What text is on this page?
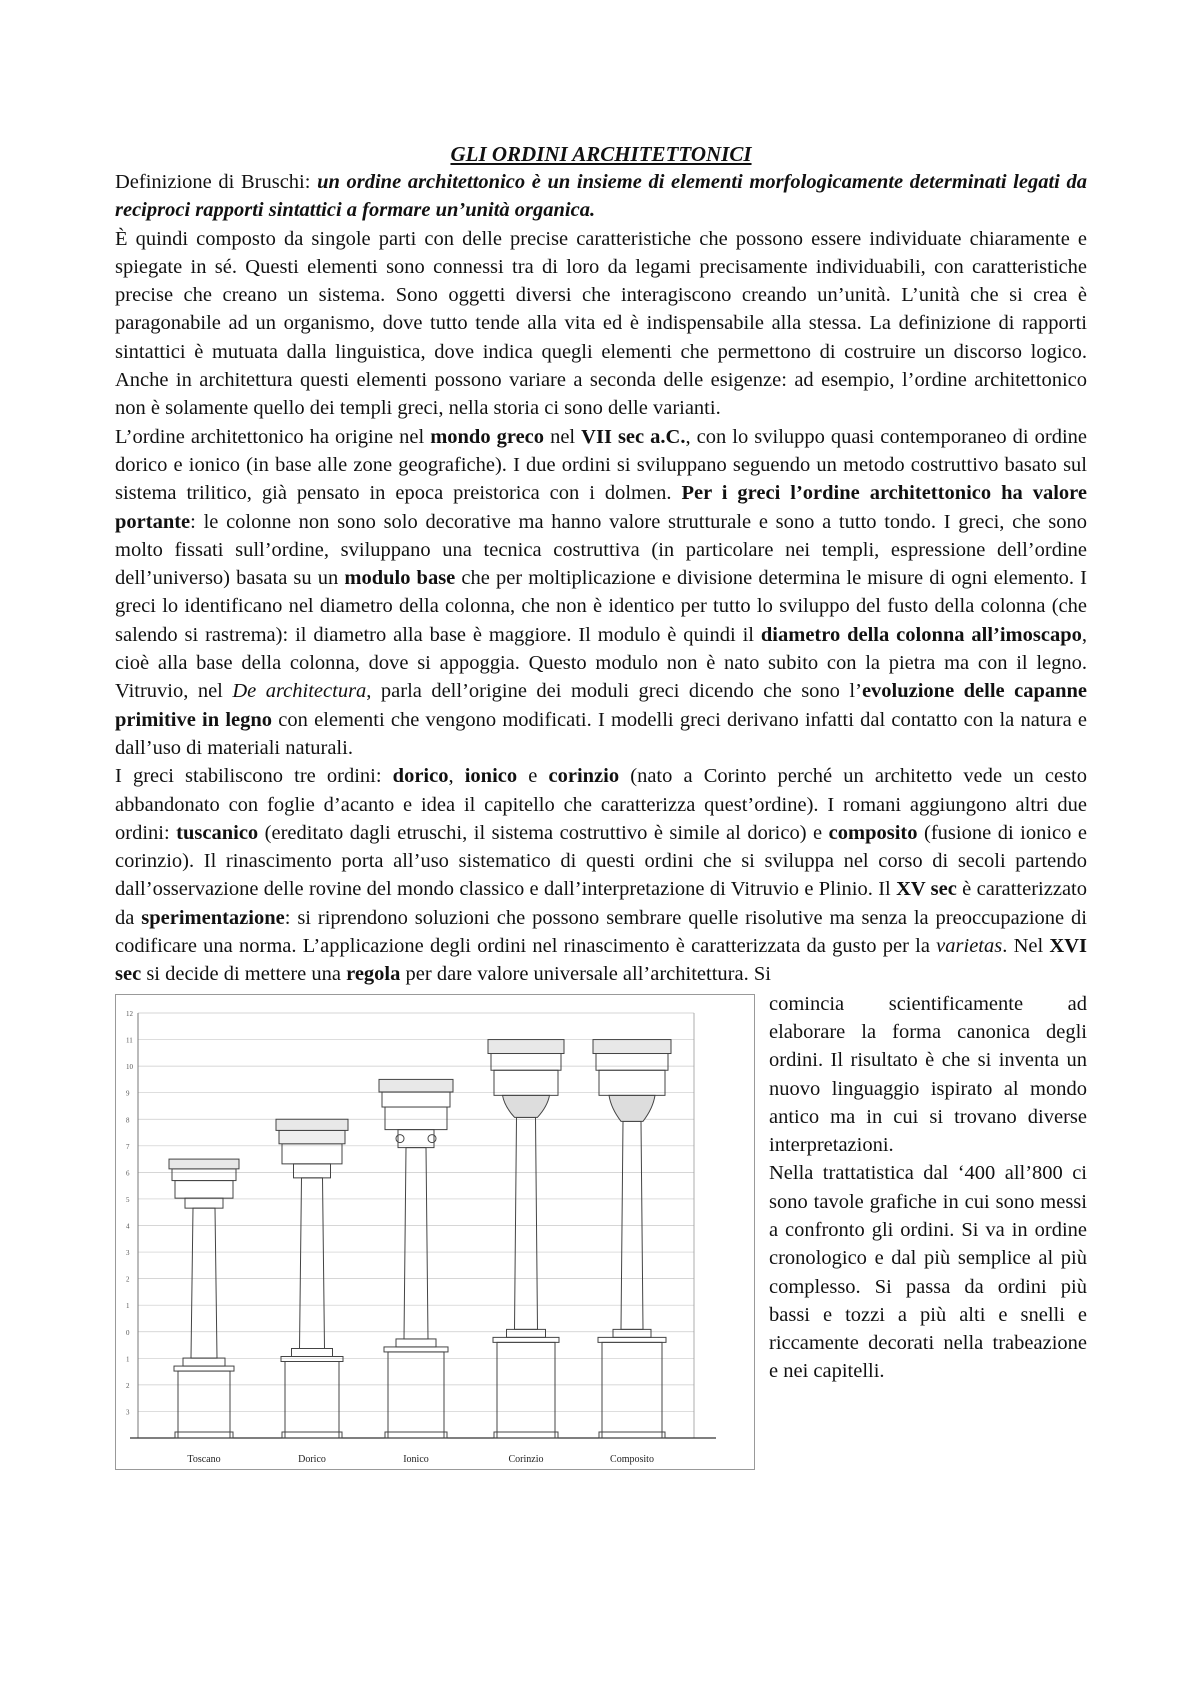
GLI ORDINI ARCHITETTONICI

Definizione di Bruschi: un ordine architettonico è un insieme di elementi morfologicamente determinati legati da reciproci rapporti sintattici a formare un’unità organica.

È quindi composto da singole parti con delle precise caratteristiche che possono essere individuate chiaramente e spiegate in sé. Questi elementi sono connessi tra di loro da legami precisamente individuabili, con caratteristiche precise che creano un sistema. Sono oggetti diversi che interagiscono creando un’unità. L’unità che si crea è paragonabile ad un organismo, dove tutto tende alla vita ed è indispensabile alla stessa. La definizione di rapporti sintattici è mutuata dalla linguistica, dove indica quegli elementi che permettono di costruire un discorso logico. Anche in architettura questi elementi possono variare a seconda delle esigenze: ad esempio, l’ordine architettonico non è solamente quello dei templi greci, nella storia ci sono delle varianti.

L’ordine architettonico ha origine nel mondo greco nel VII sec a.C., con lo sviluppo quasi contemporaneo di ordine dorico e ionico (in base alle zone geografiche). I due ordini si sviluppano seguendo un metodo costruttivo basato sul sistema trilitico, già pensato in epoca preistorica con i dolmen. Per i greci l’ordine architettonico ha valore portante: le colonne non sono solo decorative ma hanno valore strutturale e sono a tutto tondo. I greci, che sono molto fissati sull’ordine, sviluppano una tecnica costruttiva (in particolare nei templi, espressione dell’ordine dell’universo) basata su un modulo base che per moltiplicazione e divisione determina le misure di ogni elemento. I greci lo identificano nel diametro della colonna, che non è identico per tutto lo sviluppo del fusto della colonna (che salendo si rastrema): il diametro alla base è maggiore. Il modulo è quindi il diametro della colonna all’imoscapo, cioè alla base della colonna, dove si appoggia. Questo modulo non è nato subito con la pietra ma con il legno. Vitruvio, nel De architectura, parla dell’origine dei moduli greci dicendo che sono l’evoluzione delle capanne primitive in legno con elementi che vengono modificati. I modelli greci derivano infatti dal contatto con la natura e dall’uso di materiali naturali.

I greci stabiliscono tre ordini: dorico, ionico e corinzio (nato a Corinto perché un architetto vede un cesto abbandonato con foglie d’acanto e idea il capitello che caratterizza quest’ordine). I romani aggiungono altri due ordini: tuscanico (ereditato dagli etruschi, il sistema costruttivo è simile al dorico) e composito (fusione di ionico e corinzio). Il rinascimento porta all’uso sistematico di questi ordini che si sviluppa nel corso di secoli partendo dall’osservazione delle rovine del mondo classico e dall’interpretazione di Vitruvio e Plinio. Il XV sec è caratterizzato da sperimentazione: si riprendono soluzioni che possono sembrare quelle risolutive ma senza la preoccupazione di codificare una norma. L’applicazione degli ordini nel rinascimento è caratterizzata da gusto per la varietas. Nel XVI sec si decide di mettere una regola per dare valore universale all’architettura. Si

12
11
10
9
8
7
6
5
4
3
2
1
0
1
2
3
Toscano	Dorico	Ionico	Corinzio	Composito

comincia scientificamente ad elaborare la forma canonica degli ordini. Il risultato è che si inventa un nuovo linguaggio ispirato al mondo antico ma in cui si trovano diverse interpretazioni.

Nella trattatistica dal ‘400 all’800 ci sono tavole grafiche in cui sono messi a confronto gli ordini. Si va in ordine cronologico e dal più semplice al più complesso. Si passa da ordini più bassi e tozzi a più alti e snelli e riccamente decorati nella trabeazione e nei capitelli.
